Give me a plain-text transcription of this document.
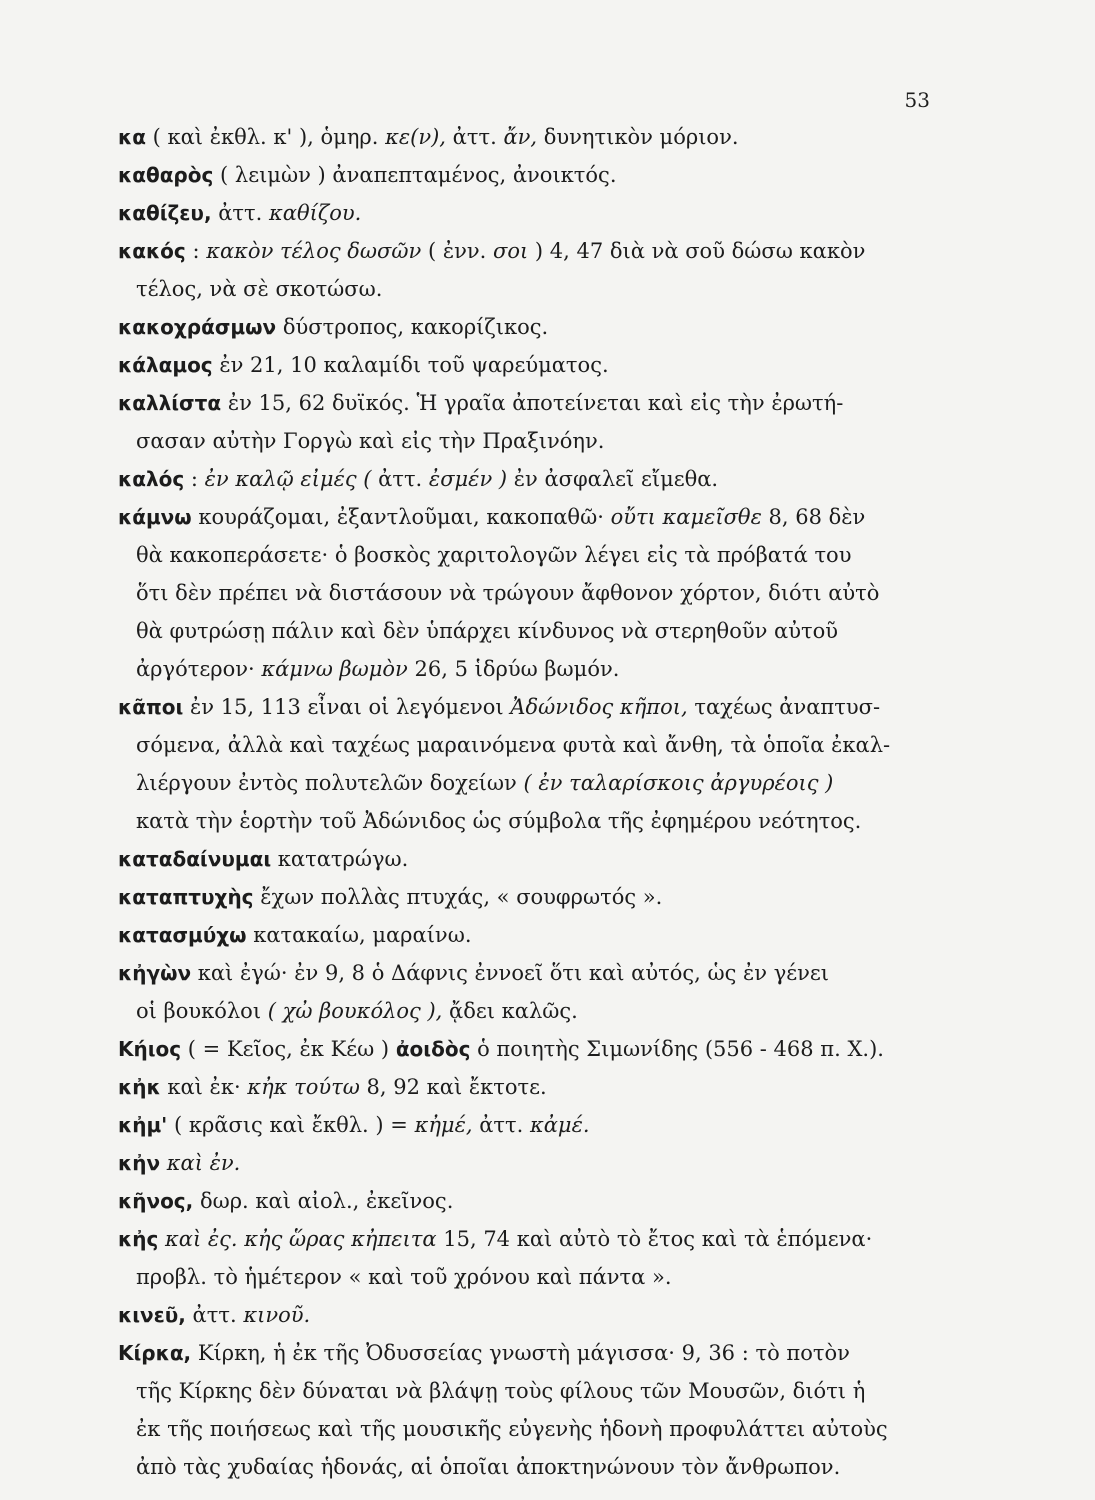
53
κα ( καὶ ἐκθλ. κ' ), ὁμηρ. κε(ν), ἀττ. ἄν, δυνητικὸν μόριον.
καθαρὸς ( λειμὼν ) ἀναπεπταμένος, ἀνοικτός.
καθίζευ, ἀττ. καθίζου.
κακός : κακὸν τέλος δωσῶν ( ἐνν. σοι ) 4, 47 διὰ νὰ σοῦ δώσω κακὸν
τέλος, νὰ σὲ σκοτώσω.
κακοχράσμων δύστροπος, κακορίζικος.
κάλαμος ἐν 21, 10 καλαμίδι τοῦ ψαρεύματος.
καλλίστα ἐν 15, 62 δυϊκός. Ἡ γραῖα ἀποτείνεται καὶ εἰς τὴν ἐρωτή-
σασαν αὐτὴν Γοργὼ καὶ εἰς τὴν Πραξινόην.
καλός : ἐν καλῷ εἰμές ( ἀττ. ἐσμέν ) ἐν ἀσφαλεῖ εἴμεθα.
κάμνω κουράζομαι, ἐξαντλοῦμαι, κακοπαθῶ· οὔτι καμεῖσθε 8, 68 δὲν
θὰ κακοπεράσετε· ὁ βοσκὸς χαριτολογῶν λέγει εἰς τὰ πρόβατά του
ὅτι δὲν πρέπει νὰ διστάσουν νὰ τρώγουν ἄφθονον χόρτον, διότι αὐτὸ
θὰ φυτρώσῃ πάλιν καὶ δὲν ὑπάρχει κίνδυνος νὰ στερηθοῦν αὐτοῦ
ἀργότερον· κάμνω βωμὸν 26, 5 ἱδρύω βωμόν.
κᾶποι ἐν 15, 113 εἶναι οἱ λεγόμενοι Ἀδώνιδος κῆποι, ταχέως ἀναπτυσ-
σόμενα, ἀλλὰ καὶ ταχέως μαραινόμενα φυτὰ καὶ ἄνθη, τὰ ὁποῖα ἐκαλ-
λιέργουν ἐντὸς πολυτελῶν δοχείων ( ἐν ταλαρίσκοις ἀργυρέοις )
κατὰ τὴν ἑορτὴν τοῦ Ἀδώνιδος ὡς σύμβολα τῆς ἐφημέρου νεότητος.
καταδαίνυμαι κατατρώγω.
καταπτυχὴς ἔχων πολλὰς πτυχάς, « σουφρωτός ».
κατασμύχω κατακαίω, μαραίνω.
κἠγὼν καὶ ἐγώ· ἐν 9, 8 ὁ Δάφνις ἐννοεῖ ὅτι καὶ αὐτός, ὡς ἐν γένει
οἱ βουκόλοι ( χὠ βουκόλος ), ᾄδει καλῶς.
Κήιος ( = Κεῖος, ἐκ Κέω ) ἀοιδὸς ὁ ποιητὴς Σιμωνίδης (556 - 468 π. Χ.).
κἠκ καὶ ἐκ· κἠκ τούτω 8, 92 καὶ ἔκτοτε.
κἠμ' ( κρᾶσις καὶ ἔκθλ. ) = κἠμέ, ἀττ. κἀμέ.
κἠν καὶ ἐν.
κῆνος, δωρ. καὶ αἰολ., ἐκεῖνος.
κἠς καὶ ἐς. κἠς ὥρας κἠπειτα 15, 74 καὶ αὐτὸ τὸ ἔτος καὶ τὰ ἑπόμενα·
προβλ. τὸ ἡμέτερον « καὶ τοῦ χρόνου καὶ πάντα ».
κινεῦ, ἀττ. κινοῦ.
Κίρκα, Κίρκη, ἡ ἐκ τῆς Ὀδυσσείας γνωστὴ μάγισσα· 9, 36 : τὸ ποτὸν
τῆς Κίρκης δὲν δύναται νὰ βλάψῃ τοὺς φίλους τῶν Μουσῶν, διότι ἡ
ἐκ τῆς ποιήσεως καὶ τῆς μουσικῆς εὐγενὴς ἡδονὴ προφυλάττει αὐτοὺς
ἀπὸ τὰς χυδαίας ἡδονάς, αἱ ὁποῖαι ἀποκτηνώνουν τὸν ἄνθρωπον.
